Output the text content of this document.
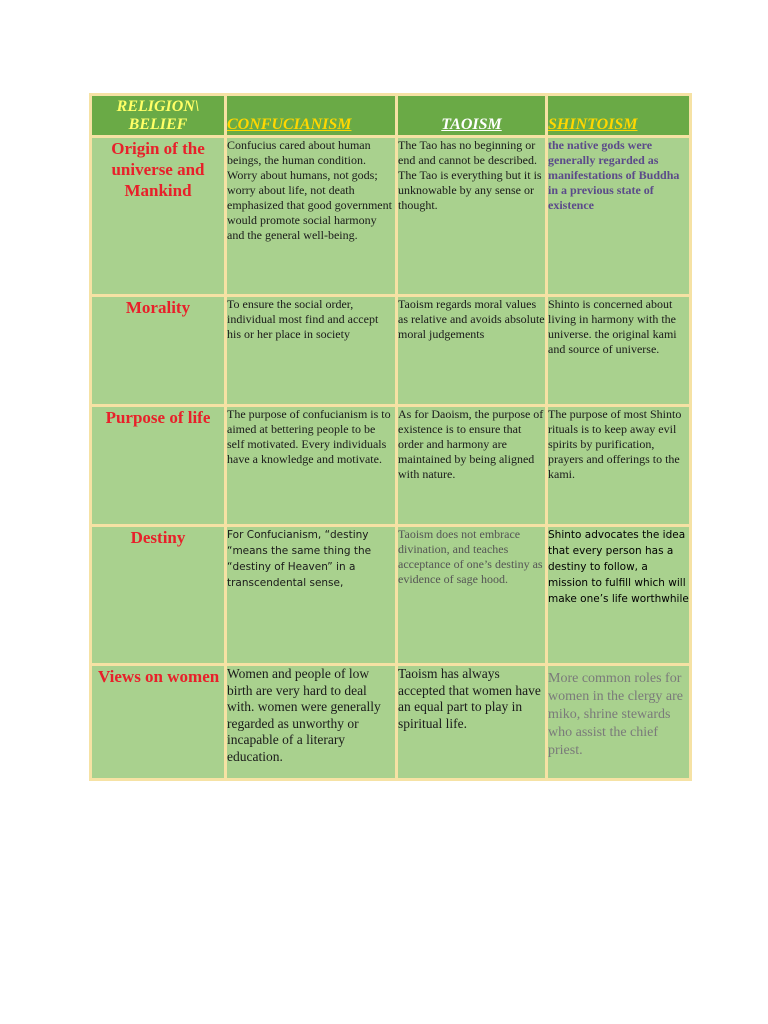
RELIGION\
BELIEF	CONFUCIANISM	TAOISM	SHINTOISM
Origin of the universe and Mankind	Confucius cared about human beings, the human condition. Worry about humans, not gods; worry about life, not death emphasized that good government would promote social harmony and the general well-being.	The Tao has no beginning or end and cannot be described. The Tao is everything but it is unknowable by any sense or thought.	the native gods were generally regarded as manifestations of Buddha in a previous state of existence
Morality	To ensure the social order, individual most find and accept his or her place in society	Taoism regards moral values as relative and avoids absolute moral judgements	Shinto is concerned about living in harmony with the universe. the original kami and source of universe.
Purpose of life	The purpose of confucianism is to aimed at bettering people to be self motivated. Every individuals have a knowledge and motivate.	As for Daoism, the purpose of existence is to ensure that order and harmony are maintained by being aligned with nature.	The purpose of most Shinto rituals is to keep away evil spirits by purification, prayers and offerings to the kami.
Destiny	For Confucianism, “destiny “means the same thing the “destiny of Heaven” in a transcendental sense,	Taoism does not embrace divination, and teaches acceptance of one’s destiny as evidence of sage hood.	Shinto advocates the idea that every person has a destiny to follow, a mission to fulfill which will make one’s life worthwhile
Views on women	Women and people of low birth are very hard to deal with. women were generally regarded as unworthy or incapable of a literary education.	Taoism has always accepted that women have an equal part to play in spiritual life.	More common roles for women in the clergy are miko, shrine stewards who assist the chief priest.
